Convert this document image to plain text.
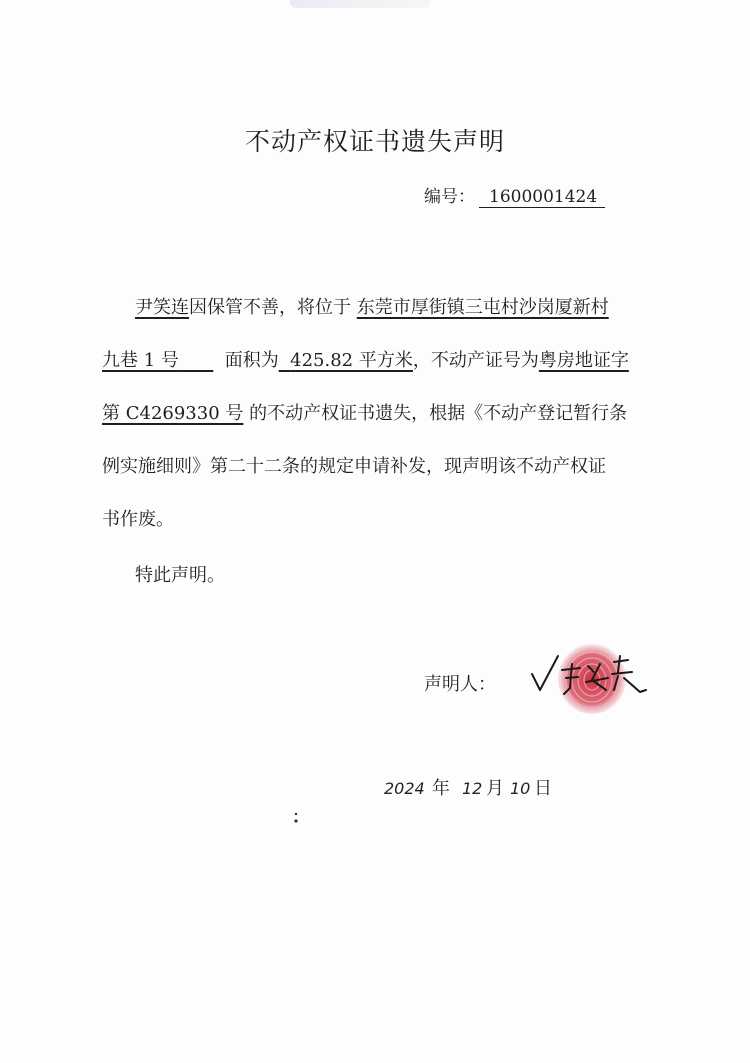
不动产权证书遗失声明
编号： 1600001424
尹笑连因保管不善，将位于 东莞市厚街镇三屯村沙岗厦新村
九巷 1 号	面积为 425.82 平方米，不动产证号为粤房地证字
第 C4269330 号 的不动产权证书遗失，根据《不动产登记暂行条
例实施细则》第二十二条的规定申请补发，现声明该不动产权证
书作废。
特此声明。
声明人：
2024 年 12 月 10 日
